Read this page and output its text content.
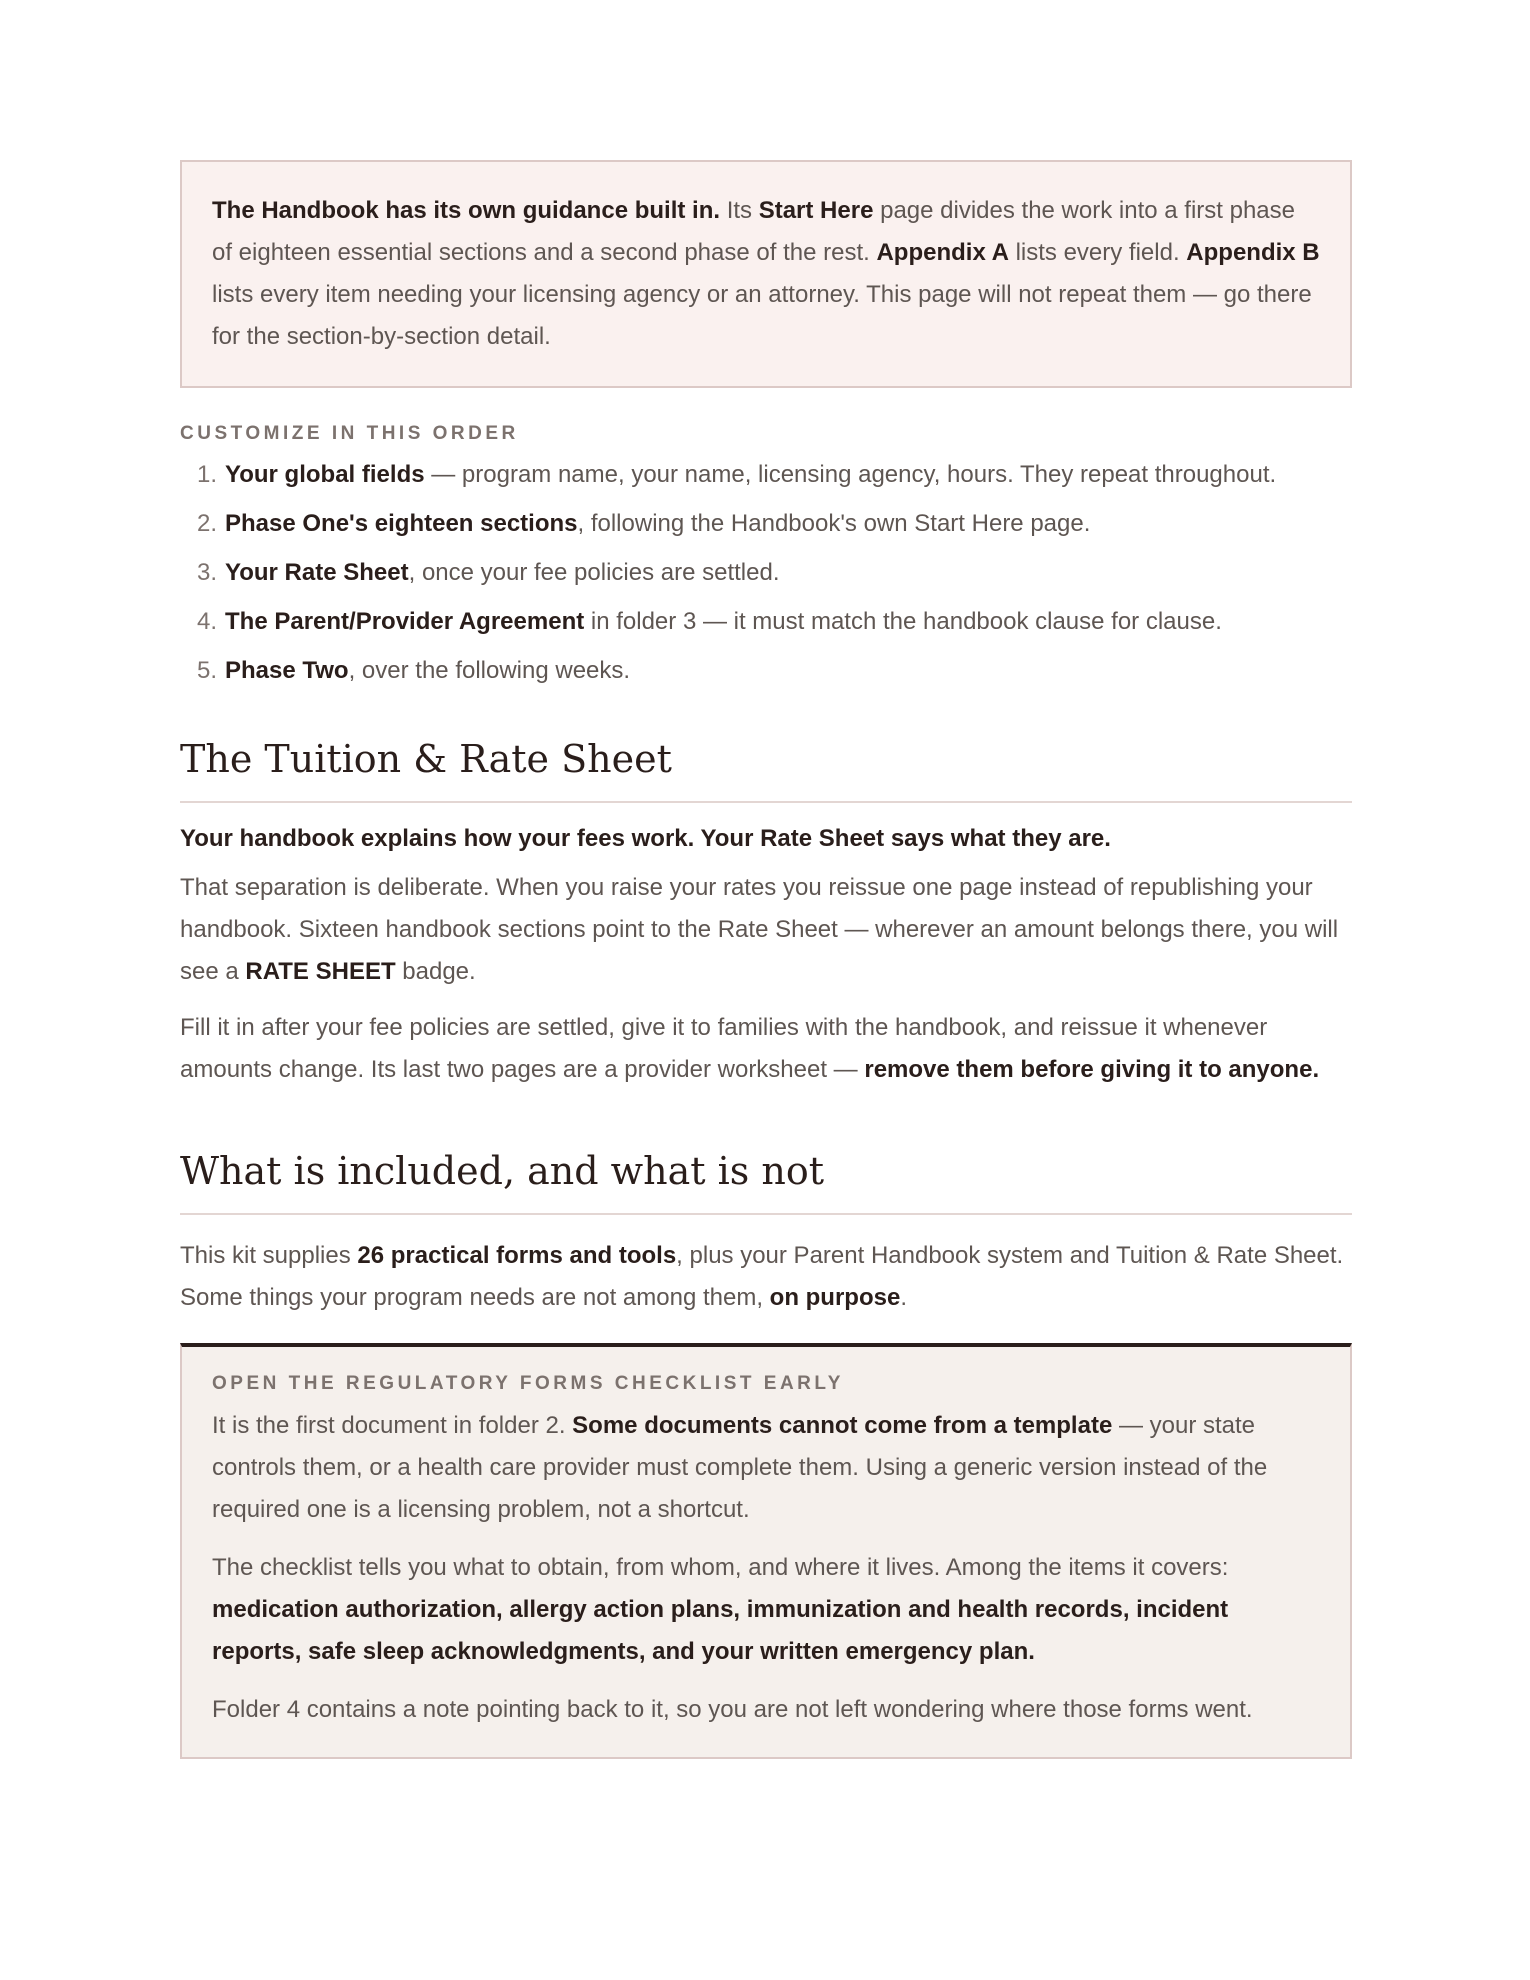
The Handbook has its own guidance built in. Its Start Here page divides the work into a first phase of eighteen essential sections and a second phase of the rest. Appendix A lists every field. Appendix B lists every item needing your licensing agency or an attorney. This page will not repeat them — go there for the section-by-section detail.
CUSTOMIZE IN THIS ORDER
1. Your global fields — program name, your name, licensing agency, hours. They repeat throughout.
2. Phase One's eighteen sections, following the Handbook's own Start Here page.
3. Your Rate Sheet, once your fee policies are settled.
4. The Parent/Provider Agreement in folder 3 — it must match the handbook clause for clause.
5. Phase Two, over the following weeks.
The Tuition & Rate Sheet
Your handbook explains how your fees work. Your Rate Sheet says what they are.

That separation is deliberate. When you raise your rates you reissue one page instead of republishing your handbook. Sixteen handbook sections point to the Rate Sheet — wherever an amount belongs there, you will see a RATE SHEET badge.

Fill it in after your fee policies are settled, give it to families with the handbook, and reissue it whenever amounts change. Its last two pages are a provider worksheet — remove them before giving it to anyone.

What is included, and what is not

This kit supplies 26 practical forms and tools, plus your Parent Handbook system and Tuition & Rate Sheet. Some things your program needs are not among them, on purpose.

OPEN THE REGULATORY FORMS CHECKLIST EARLY

It is the first document in folder 2. Some documents cannot come from a template — your state controls them, or a health care provider must complete them. Using a generic version instead of the required one is a licensing problem, not a shortcut.

The checklist tells you what to obtain, from whom, and where it lives. Among the items it covers: medication authorization, allergy action plans, immunization and health records, incident reports, safe sleep acknowledgments, and your written emergency plan.

Folder 4 contains a note pointing back to it, so you are not left wondering where those forms went.
